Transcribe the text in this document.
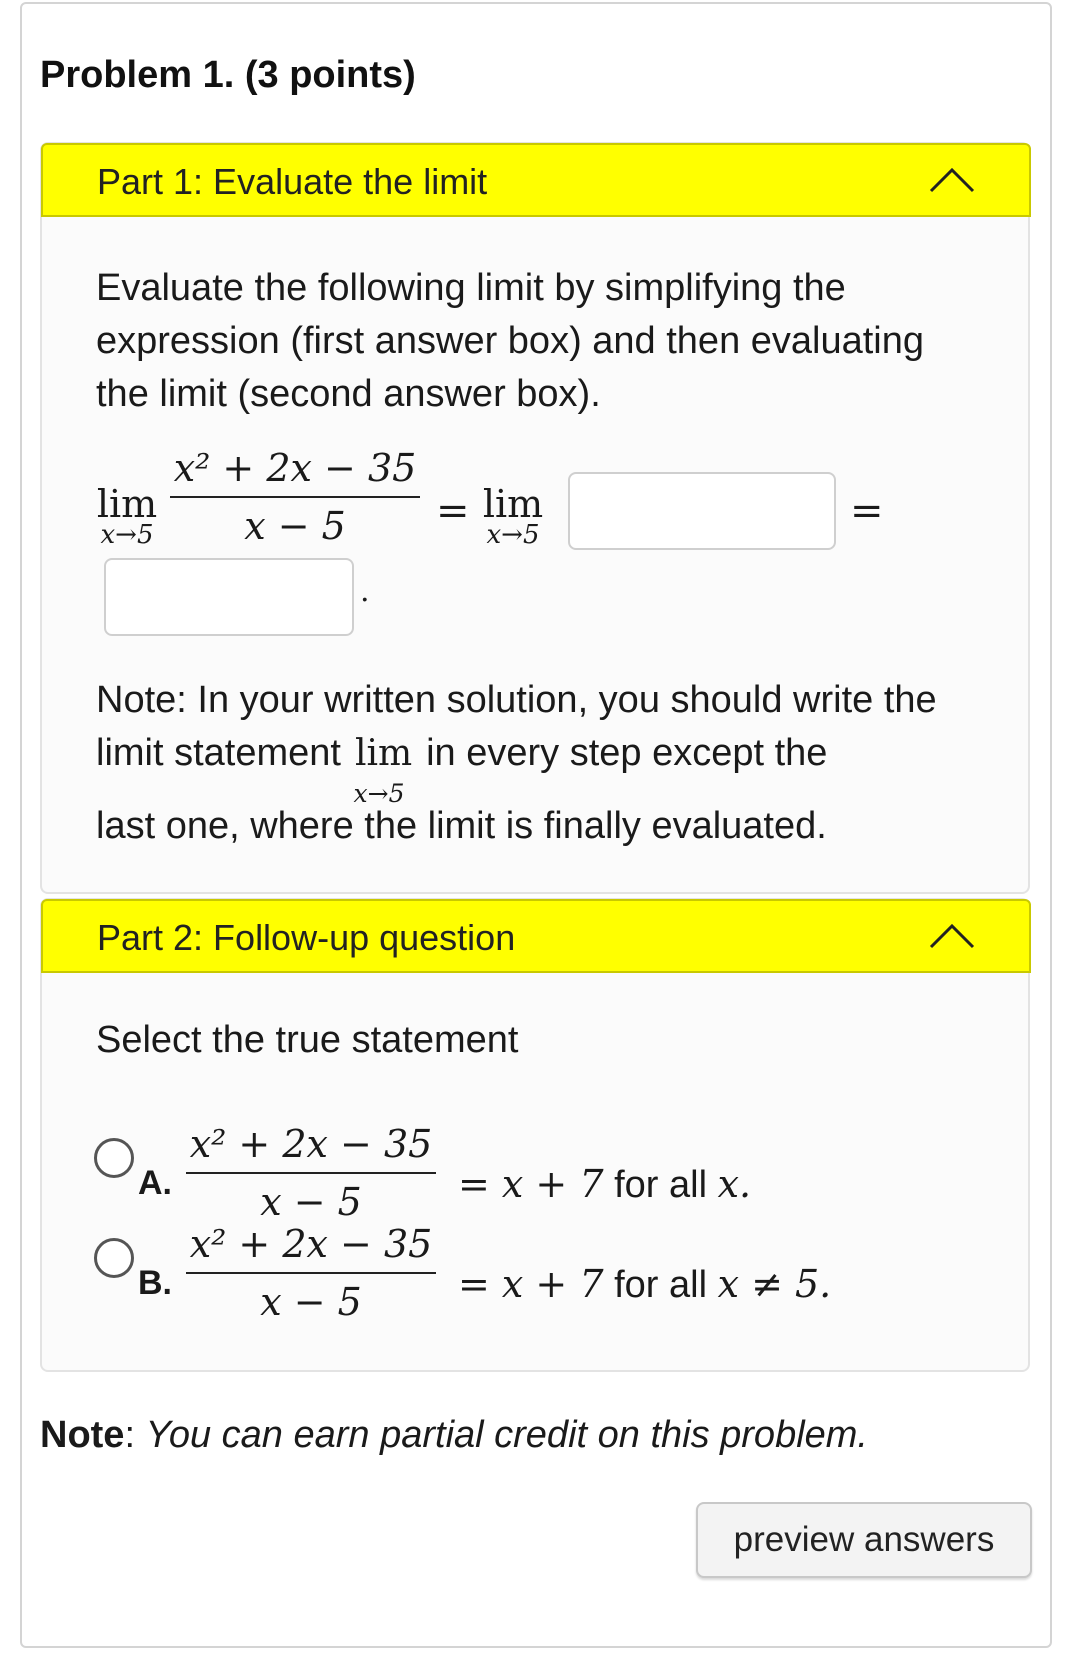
Problem 1. (3 points)
Part 1: Evaluate the limit
Evaluate the following limit by simplifying the expression (first answer box) and then evaluating the limit (second answer box).
lim
x→5
x² + 2x − 35
x − 5	= lim
x→5
=
.
Note: In your written solution, you should write the limit statement lim
x→5
in every step except the
last one, where the limit is finally evaluated.
Part 2: Follow-up question
Select the true statement
A.
x² + 2x − 35
x − 5	= x + 7 for all x.
B.
x² + 2x − 35
x − 5	= x + 7 for all x ≠ 5.
Note: You can earn partial credit on this problem.
preview answers
